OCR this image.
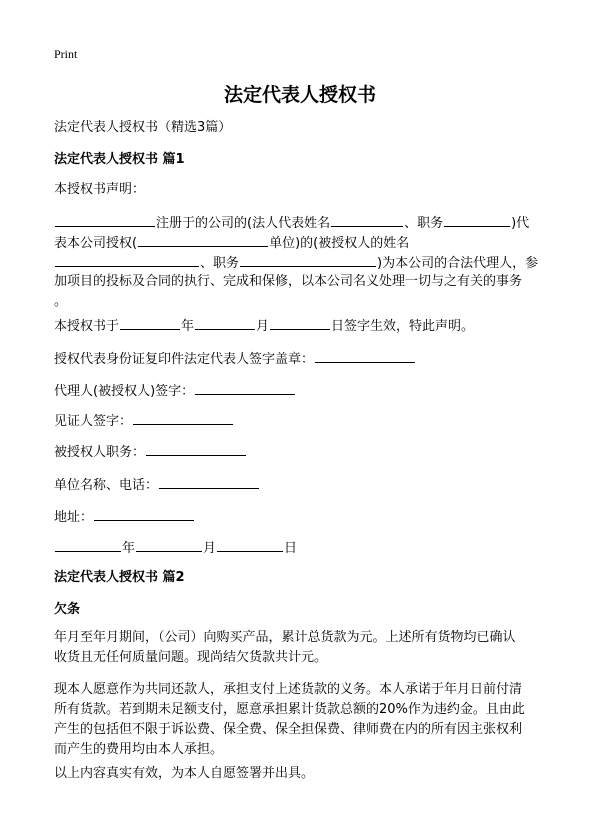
Print
法定代表人授权书
法定代表人授权书（精选3篇）
法定代表人授权书 篇1
本授权书声明：
注册于的公司的(法人代表姓名	、职务	)代
表本公司授权(	单位)的(被授权人的姓名
、职务	)为本公司的合法代理人，参
加项目的投标及合同的执行、完成和保修，以本公司名义处理一切与之有关的事务
。
本授权书于	年	月	日签字生效，特此声明。
授权代表身份证复印件法定代表人签字盖章：
代理人(被授权人)签字：
见证人签字：
被授权人职务：
单位名称、电话：
地址：
年	月	日
法定代表人授权书 篇2
欠条
年月至年月期间，（公司）向购买产品，累计总货款为元。上述所有货物均已确认
收货且无任何质量问题。现尚结欠货款共计元。
现本人愿意作为共同还款人，承担支付上述货款的义务。本人承诺于年月日前付清
所有货款。若到期未足额支付，愿意承担累计货款总额的20%作为违约金。且由此
产生的包括但不限于诉讼费、保全费、保全担保费、律师费在内的所有因主张权利
而产生的费用均由本人承担。
以上内容真实有效，为本人自愿签署并出具。
